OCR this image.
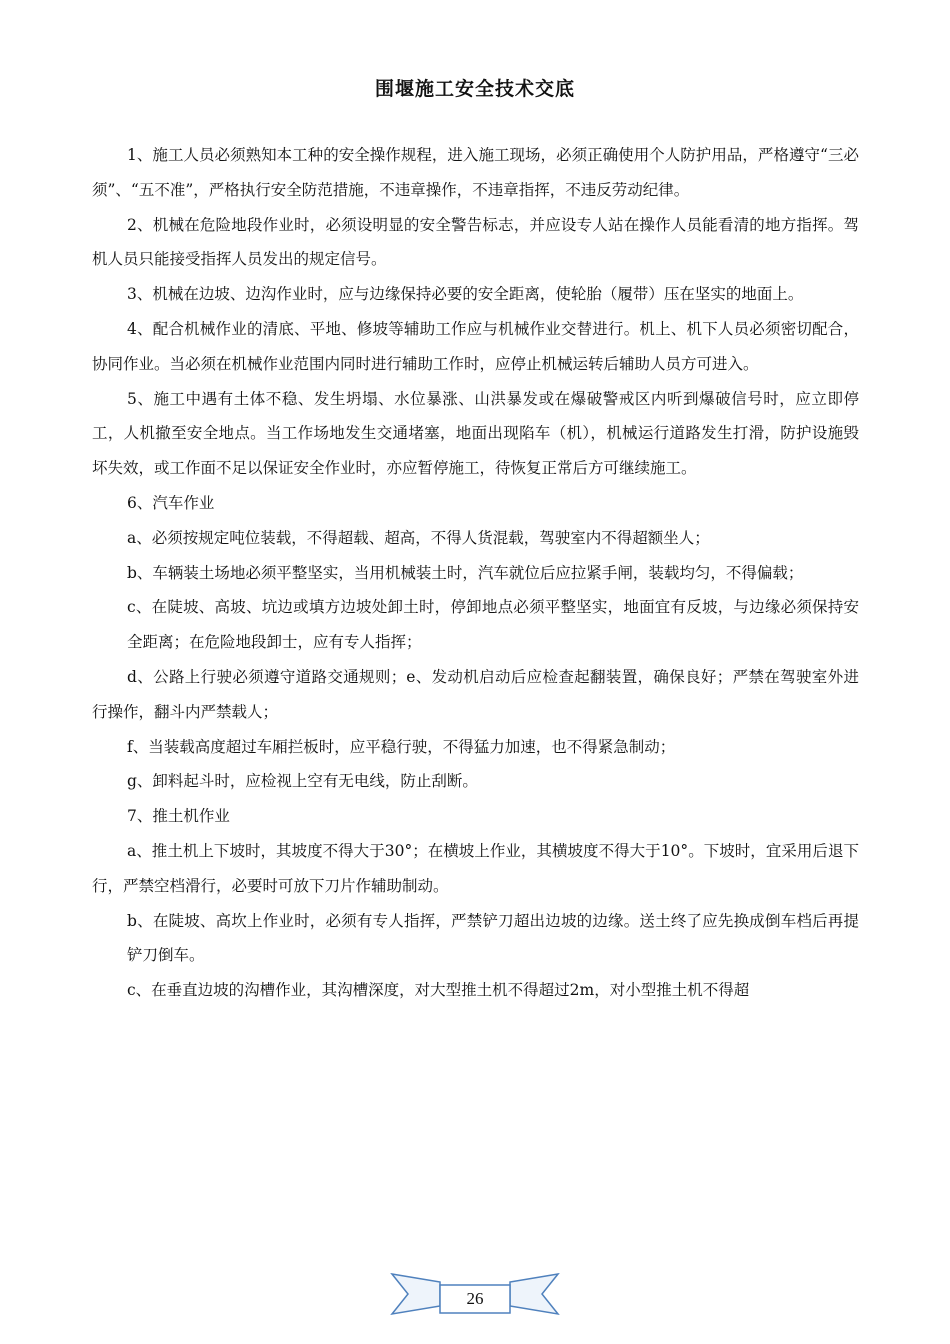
围堰施工安全技术交底

1、施工人员必须熟知本工种的安全操作规程，进入施工现场，必须正确使用个人防护用品，严格遵守“三必须”、“五不准”，严格执行安全防范措施，不违章操作，不违章指挥，不违反劳动纪律。

2、机械在危险地段作业时，必须设明显的安全警告标志，并应设专人站在操作人员能看清的地方指挥。驾机人员只能接受指挥人员发出的规定信号。

3、机械在边坡、边沟作业时，应与边缘保持必要的安全距离，使轮胎（履带）压在坚实的地面上。

4、配合机械作业的清底、平地、修坡等辅助工作应与机械作业交替进行。机上、机下人员必须密切配合，协同作业。当必须在机械作业范围内同时进行辅助工作时，应停止机械运转后辅助人员方可进入。

5、施工中遇有土体不稳、发生坍塌、水位暴涨、山洪暴发或在爆破警戒区内听到爆破信号时，应立即停工，人机撤至安全地点。当工作场地发生交通堵塞，地面出现陷车（机），机械运行道路发生打滑，防护设施毁坏失效，或工作面不足以保证安全作业时，亦应暂停施工，待恢复正常后方可继续施工。

6、汽车作业

a、必须按规定吨位装载，不得超载、超高，不得人货混载，驾驶室内不得超额坐人；

b、车辆装土场地必须平整坚实，当用机械装土时，汽车就位后应拉紧手闸，装载均匀，不得偏载；

c、在陡坡、高坡、坑边或填方边坡处卸土时，停卸地点必须平整坚实，地面宜有反坡，与边缘必须保持安全距离；在危险地段卸士，应有专人指挥；

d、公路上行驶必须遵守道路交通规则；e、发动机启动后应检查起翻装置，确保良好；严禁在驾驶室外进行操作，翻斗内严禁载人；

f、当装载高度超过车厢拦板时，应平稳行驶，不得猛力加速，也不得紧急制动；

g、卸料起斗时，应检视上空有无电线，防止刮断。

7、推土机作业

a、推土机上下坡时，其坡度不得大于30°；在横坡上作业，其横坡度不得大于10°。下坡时，宜采用后退下行，严禁空档滑行，必要时可放下刀片作辅助制动。

b、在陡坡、高坎上作业时，必须有专人指挥，严禁铲刀超出边坡的边缘。送土终了应先换成倒车档后再提铲刀倒车。

c、在垂直边坡的沟槽作业，其沟槽深度，对大型推土机不得超过2m，对小型推土机不得超

26
